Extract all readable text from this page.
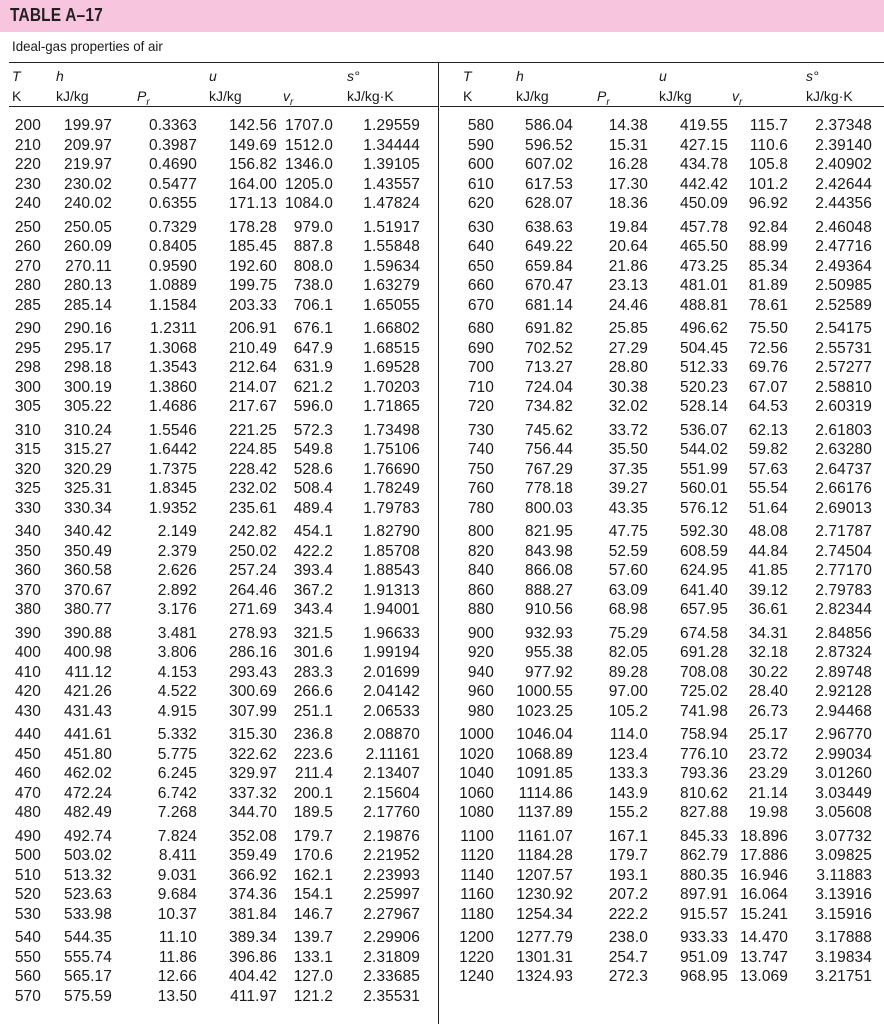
TABLE A–17
Ideal-gas properties of air
T
K
h
kJ/kg	$P_r$
u
kJ/kg	$v_r$
s°
kJ/kg·K
T
K
h
kJ/kg	$P_r$
u
kJ/kg	$v_r$
s°
kJ/kg·K
200	199.97	0.3363	142.56 1707.0	1.29559
210	209.97	0.3987	149.69 1512.0	1.34444
220	219.97	0.4690	156.82 1346.0	1.39105
230	230.02	0.5477	164.00 1205.0	1.43557
240	240.02	0.6355	171.13 1084.0	1.47824
250	250.05	0.7329	178.28	979.0	1.51917
260	260.09	0.8405	185.45	887.8	1.55848
270	270.11	0.9590	192.60	808.0	1.59634
280	280.13	1.0889	199.75	738.0	1.63279
285	285.14	1.1584	203.33	706.1	1.65055
290	290.16	1.2311	206.91	676.1	1.66802
295	295.17	1.3068	210.49	647.9	1.68515
298	298.18	1.3543	212.64	631.9	1.69528
300	300.19	1.3860	214.07	621.2	1.70203
305	305.22	1.4686	217.67	596.0	1.71865
310	310.24	1.5546	221.25	572.3	1.73498
315	315.27	1.6442	224.85	549.8	1.75106
320	320.29	1.7375	228.42	528.6	1.76690
325	325.31	1.8345	232.02	508.4	1.78249
330	330.34	1.9352	235.61	489.4	1.79783
340	340.42	2.149	242.82	454.1	1.82790
350	350.49	2.379	250.02	422.2	1.85708
360	360.58	2.626	257.24	393.4	1.88543
370	370.67	2.892	264.46	367.2	1.91313
380	380.77	3.176	271.69	343.4	1.94001
390	390.88	3.481	278.93	321.5	1.96633
400	400.98	3.806	286.16	301.6	1.99194
410	411.12	4.153	293.43	283.3	2.01699
420	421.26	4.522	300.69	266.6	2.04142
430	431.43	4.915	307.99	251.1	2.06533
440	441.61	5.332	315.30	236.8	2.08870
450	451.80	5.775	322.62	223.6	2.11161
460	462.02	6.245	329.97	211.4	2.13407
470	472.24	6.742	337.32	200.1	2.15604
480	482.49	7.268	344.70	189.5	2.17760
490	492.74	7.824	352.08	179.7	2.19876
500	503.02	8.411	359.49	170.6	2.21952
510	513.32	9.031	366.92	162.1	2.23993
520	523.63	9.684	374.36	154.1	2.25997
530	533.98	10.37	381.84	146.7	2.27967
540	544.35	11.10	389.34	139.7	2.29906
550	555.74	11.86	396.86	133.1	2.31809
560	565.17	12.66	404.42	127.0	2.33685
570	575.59	13.50	411.97	121.2	2.35531
580	586.04	14.38	419.55	115.7	2.37348
590	596.52	15.31	427.15	110.6	2.39140
600	607.02	16.28	434.78	105.8	2.40902
610	617.53	17.30	442.42	101.2	2.42644
620	628.07	18.36	450.09	96.92	2.44356
630	638.63	19.84	457.78	92.84	2.46048
640	649.22	20.64	465.50	88.99	2.47716
650	659.84	21.86	473.25	85.34	2.49364
660	670.47	23.13	481.01	81.89	2.50985
670	681.14	24.46	488.81	78.61	2.52589
680	691.82	25.85	496.62	75.50	2.54175
690	702.52	27.29	504.45	72.56	2.55731
700	713.27	28.80	512.33	69.76	2.57277
710	724.04	30.38	520.23	67.07	2.58810
720	734.82	32.02	528.14	64.53	2.60319
730	745.62	33.72	536.07	62.13	2.61803
740	756.44	35.50	544.02	59.82	2.63280
750	767.29	37.35	551.99	57.63	2.64737
760	778.18	39.27	560.01	55.54	2.66176
780	800.03	43.35	576.12	51.64	2.69013
800	821.95	47.75	592.30	48.08	2.71787
820	843.98	52.59	608.59	44.84	2.74504
840	866.08	57.60	624.95	41.85	2.77170
860	888.27	63.09	641.40	39.12	2.79783
880	910.56	68.98	657.95	36.61	2.82344
900	932.93	75.29	674.58	34.31	2.84856
920	955.38	82.05	691.28	32.18	2.87324
940	977.92	89.28	708.08	30.22	2.89748
960	1000.55	97.00	725.02	28.40	2.92128
980	1023.25	105.2	741.98	26.73	2.94468
1000	1046.04	114.0	758.94	25.17	2.96770
1020	1068.89	123.4	776.10	23.72	2.99034
1040	1091.85	133.3	793.36	23.29	3.01260
1060	1114.86	143.9	810.62	21.14	3.03449
1080	1137.89	155.2	827.88	19.98	3.05608
1100	1161.07	167.1	845.33 18.896	3.07732
1120	1184.28	179.7	862.79 17.886	3.09825
1140	1207.57	193.1	880.35 16.946	3.11883
1160	1230.92	207.2	897.91 16.064	3.13916
1180	1254.34	222.2	915.57 15.241	3.15916
1200	1277.79	238.0	933.33 14.470	3.17888
1220	1301.31	254.7	951.09 13.747	3.19834
1240	1324.93	272.3	968.95 13.069	3.21751
